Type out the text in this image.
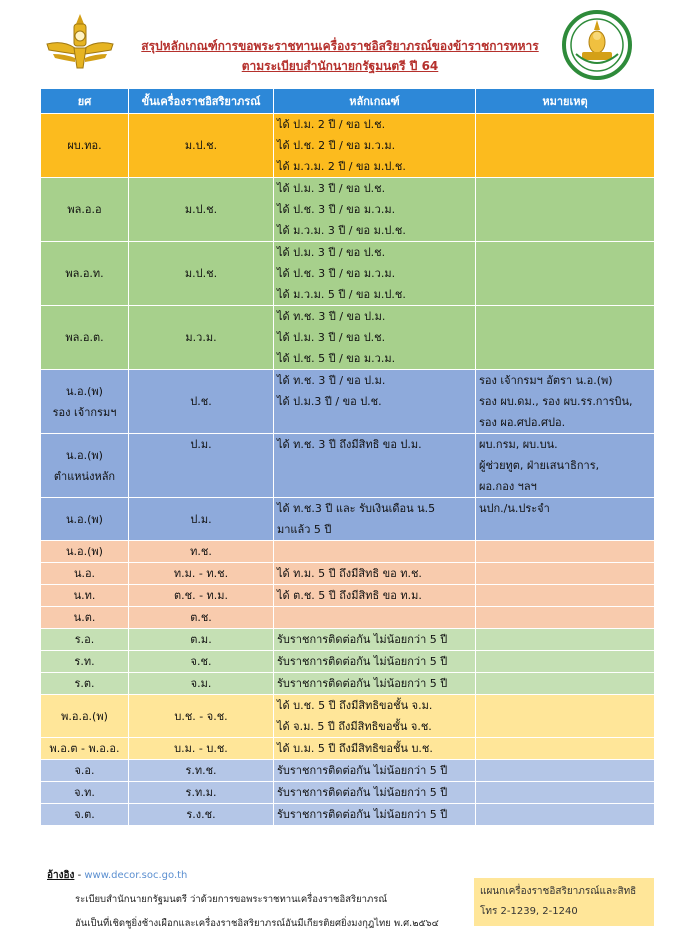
สรุปหลักเกณฑ์การขอพระราชทานเครื่องราชอิสริยาภรณ์ของข้าราชการทหาร
ตามระเบียบสำนักนายกรัฐมนตรี ปี 64
ยศ	ขั้นเครื่องราชอิสริยาภรณ์	หลักเกณฑ์	หมายเหตุ

ผบ.ทอ.	ม.ป.ช.	ได้ ป.ม. 2 ปี / ขอ ป.ช.
ได้ ป.ช. 2 ปี / ขอ ม.ว.ม.
ได้ ม.ว.ม. 2 ปี / ขอ ม.ป.ช.	

พล.อ.อ	ม.ป.ช.	ได้ ป.ม. 3 ปี / ขอ ป.ช.
ได้ ป.ช. 3 ปี / ขอ ม.ว.ม.
ได้ ม.ว.ม. 3 ปี / ขอ ม.ป.ช.	

พล.อ.ท.	ม.ป.ช.	ได้ ป.ม. 3 ปี / ขอ ป.ช.
ได้ ป.ช. 3 ปี / ขอ ม.ว.ม.
ได้ ม.ว.ม. 5 ปี / ขอ ม.ป.ช.	

พล.อ.ต.	ม.ว.ม.	ได้ ท.ช. 3 ปี / ขอ ป.ม.
ได้ ป.ม. 3 ปี / ขอ ป.ช.
ได้ ป.ช. 5 ปี / ขอ ม.ว.ม.	

น.อ.(พ)
รอง เจ้ากรมฯ	ป.ช.	ได้ ท.ช. 3 ปี / ขอ ป.ม.
ได้ ป.ม.3 ปี / ขอ ป.ช.	รอง เจ้ากรมฯ อัตรา น.อ.(พ)
รอง ผบ.ดม., รอง ผบ.รร.การบิน,
รอง ผอ.ศปอ.ศปอ.

น.อ.(พ)
ตำแหน่งหลัก	ป.ม.	ได้ ท.ช. 3 ปี ถึงมีสิทธิ ขอ ป.ม.	ผบ.กรม, ผบ.บน.
ผู้ช่วยทูต, ฝ่ายเสนาธิการ,
ผอ.กอง ฯลฯ

น.อ.(พ)	ป.ม.	ได้ ท.ช.3 ปี และ รับเงินเดือน น.5
มาแล้ว 5 ปี	นปก./น.ประจำ

น.อ.(พ)	ท.ช.		

น.อ.	ท.ม. - ท.ช.	ได้ ท.ม. 5 ปี ถึงมีสิทธิ ขอ ท.ช.	

น.ท.	ต.ช. - ท.ม.	ได้ ต.ช. 5 ปี ถึงมีสิทธิ ขอ ท.ม.	

น.ต.	ต.ช.		

ร.อ.	ต.ม.	รับราชการติดต่อกัน ไม่น้อยกว่า 5 ปี	

ร.ท.	จ.ช.	รับราชการติดต่อกัน ไม่น้อยกว่า 5 ปี	

ร.ต.	จ.ม.	รับราชการติดต่อกัน ไม่น้อยกว่า 5 ปี	

พ.อ.อ.(พ)	บ.ช. - จ.ช.	ได้ บ.ช. 5 ปี ถึงมีสิทธิขอชั้น จ.ม.
ได้ จ.ม. 5 ปี ถึงมีสิทธิขอชั้น จ.ช.	

พ.อ.ต - พ.อ.อ.	บ.ม. - บ.ช.	ได้ บ.ม. 5 ปี ถึงมีสิทธิขอชั้น บ.ช.	

จ.อ.	ร.ท.ช.	รับราชการติดต่อกัน ไม่น้อยกว่า 5 ปี	

จ.ท.	ร.ท.ม.	รับราชการติดต่อกัน ไม่น้อยกว่า 5 ปี	

จ.ต.	ร.ง.ช.	รับราชการติดต่อกัน ไม่น้อยกว่า 5 ปี	

อ้างอิง - www.decor.soc.go.th
ระเบียบสำนักนายกรัฐมนตรี ว่าด้วยการขอพระราชทานเครื่องราชอิสริยาภรณ์
อันเป็นที่เชิดชูยิ่งช้างเผือกและเครื่องราชอิสริยาภรณ์อันมีเกียรติยศยิ่งมงกุฎไทย พ.ศ.๒๕๖๔
แผนกเครื่องราชอิสริยาภรณ์และสิทธิ
โทร 2-1239, 2-1240
